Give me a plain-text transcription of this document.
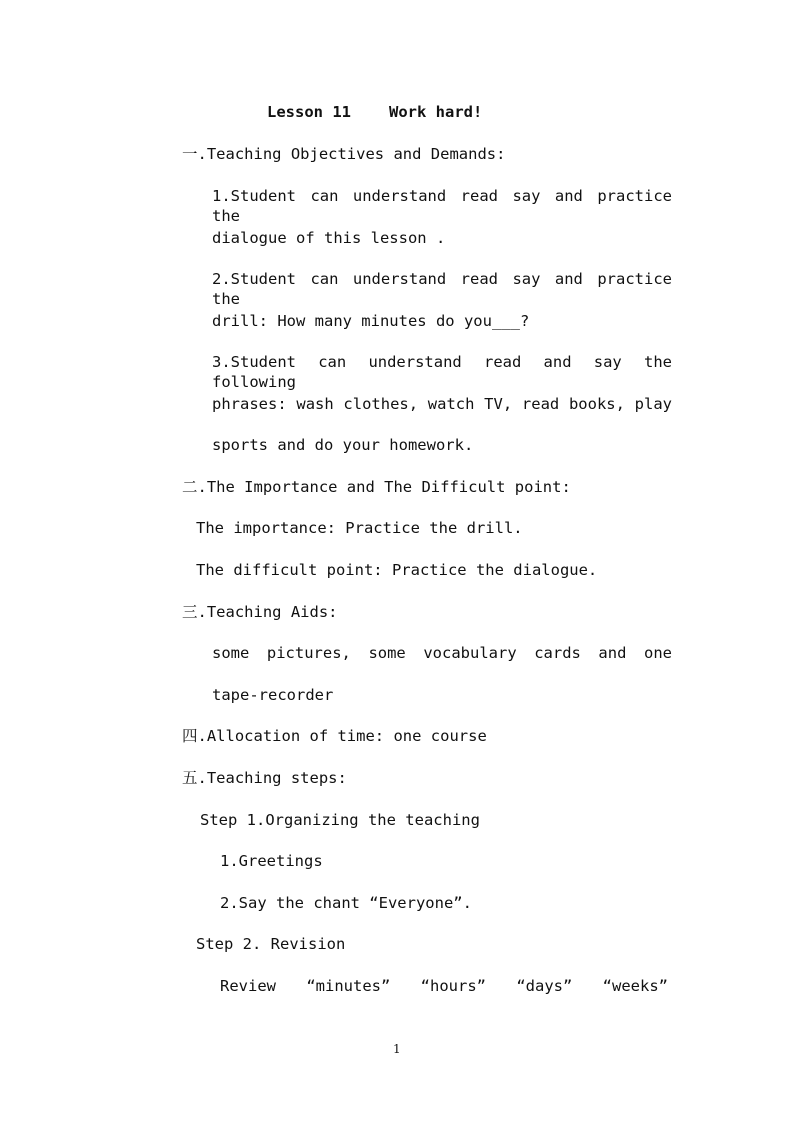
Lesson 11 Work hard!
一.Teaching Objectives and Demands:
1.Student can understand read say and practice the
dialogue of this lesson .
2.Student can understand read say and practice the
drill: How many minutes do you___?
3.Student can understand read and say the following
phrases: wash clothes, watch TV, read books, play
sports and do your homework.
二.The Importance and The Difficult point:
The importance: Practice the drill.
The difficult point: Practice the dialogue.
三.Teaching Aids:
some pictures, some vocabulary cards and one
tape-recorder
四.Allocation of time: one course
五.Teaching steps:
Step 1.Organizing the teaching
1.Greetings
2.Say the chant “Everyone”.
Step 2. Revision
Review “minutes” “hours” “days” “weeks”
1
